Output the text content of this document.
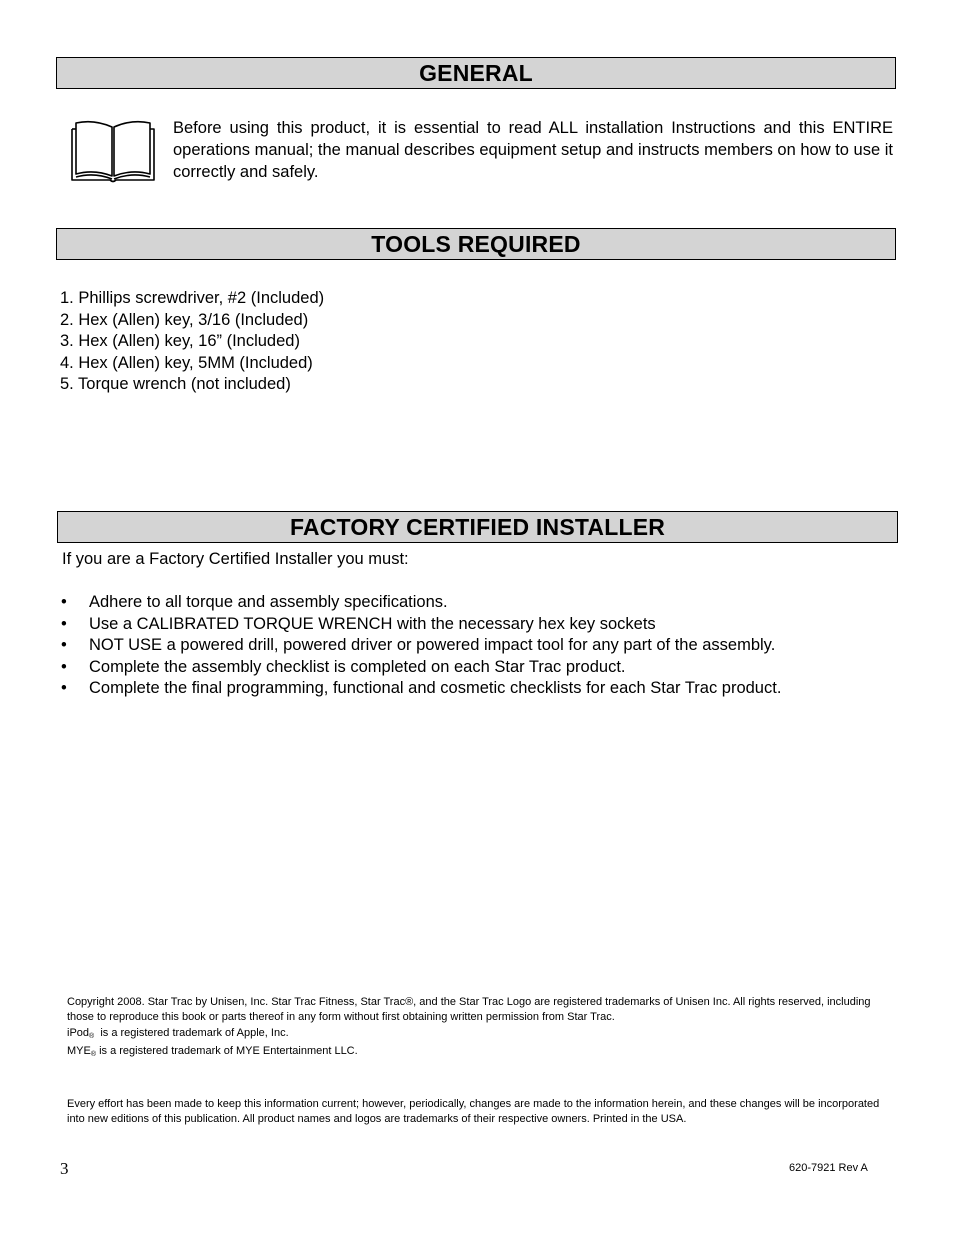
GENERAL
Before using this product, it is essential to read ALL installation Instructions and this ENTIRE operations manual; the manual describes equipment setup and instructs members on how to use it correctly and safely.
TOOLS REQUIRED
1. Phillips screwdriver, #2 (Included)
2. Hex (Allen) key, 3/16 (Included)
3. Hex (Allen) key, 16” (Included)
4. Hex (Allen) key, 5MM (Included)
5. Torque wrench (not included)
FACTORY CERTIFIED INSTALLER
If you are a Factory Certified Installer you must:
• Adhere to all torque and assembly specifications.
• Use a CALIBRATED TORQUE WRENCH with the necessary hex key sockets
• NOT USE a powered drill, powered driver or powered impact tool for any part of the assembly.
• Complete the assembly checklist is completed on each Star Trac product.
• Complete the final programming, functional and cosmetic checklists for each Star Trac product.
Copyright 2008. Star Trac by Unisen, Inc. Star Trac Fitness, Star Trac®, and the Star Trac Logo are registered trademarks of Unisen Inc. All rights reserved, including those to reproduce this book or parts thereof in any form without first obtaining written permission from Star Trac.
iPod$_®$  is a registered trademark of Apple, Inc.
$MYE_®$ is a registered trademark of MYE Entertainment LLC.
Every effort has been made to keep this information current; however, periodically, changes are made to the information herein, and these changes will be incorporated into new editions of this publication. All product names and logos are trademarks of their respective owners. Printed in the USA.
3	620-7921 Rev A
